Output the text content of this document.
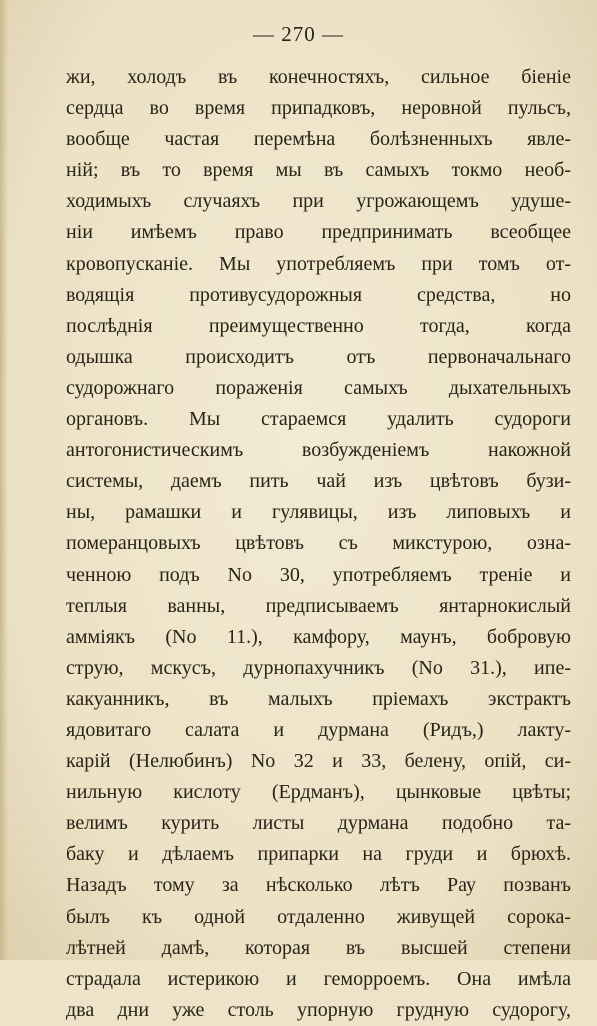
— 270 —
жи, холодъ въ конечностяхъ, сильное біеніе
сердца во время припадковъ, неровной пульсъ,
вообще частая перемѣна болѣзненныхъ явле-
ній; въ то время мы въ самыхъ токмо необ-
ходимыхъ случаяхъ при угрожающемъ удуше-
ніи имѣемъ право предпринимать всеобщее
кровопусканіе. Мы употребляемъ при томъ от-
водящія противусудорожныя средства, но
послѣднія преимущественно тогда, когда
одышка происходитъ отъ первоначальнаго
судорожнаго пораженія самыхъ дыхательныхъ
органовъ. Мы стараемся удалить судороги
антогонистическимъ возбужденіемъ накожной
системы, даемъ пить чай изъ цвѣтовъ бузи-
ны, рамашки и гулявицы, изъ липовыхъ и
померанцовыхъ цвѣтовъ съ микстурою, озна-
ченною подъ No 30, употребляемъ треніе и
теплыя ванны, предписываемъ янтарнокислый
амміякъ (No 11.), камфору, маунъ, бобровую
струю, мскусъ, дурнопахучникъ (No 31.), ипе-
какуанникъ, въ малыхъ пріемахъ экстрактъ
ядовитаго салата и дурмана (Ридъ,) лакту-
карій (Нелюбинъ) No 32 и 33, белену, опій, си-
нильную кислоту (Ердманъ), цынковые цвѣты;
велимъ курить листы дурмана подобно та-
баку и дѣлаемъ припарки на груди и брюхѣ.
Назадъ тому за нѣсколько лѣтъ Рау позванъ
былъ къ одной отдаленно живущей сорока-
лѣтней дамѣ, которая въ высшей степени
страдала истерикою и геморроемъ. Она имѣла
два дни уже столь упорную грудную судорогу,
